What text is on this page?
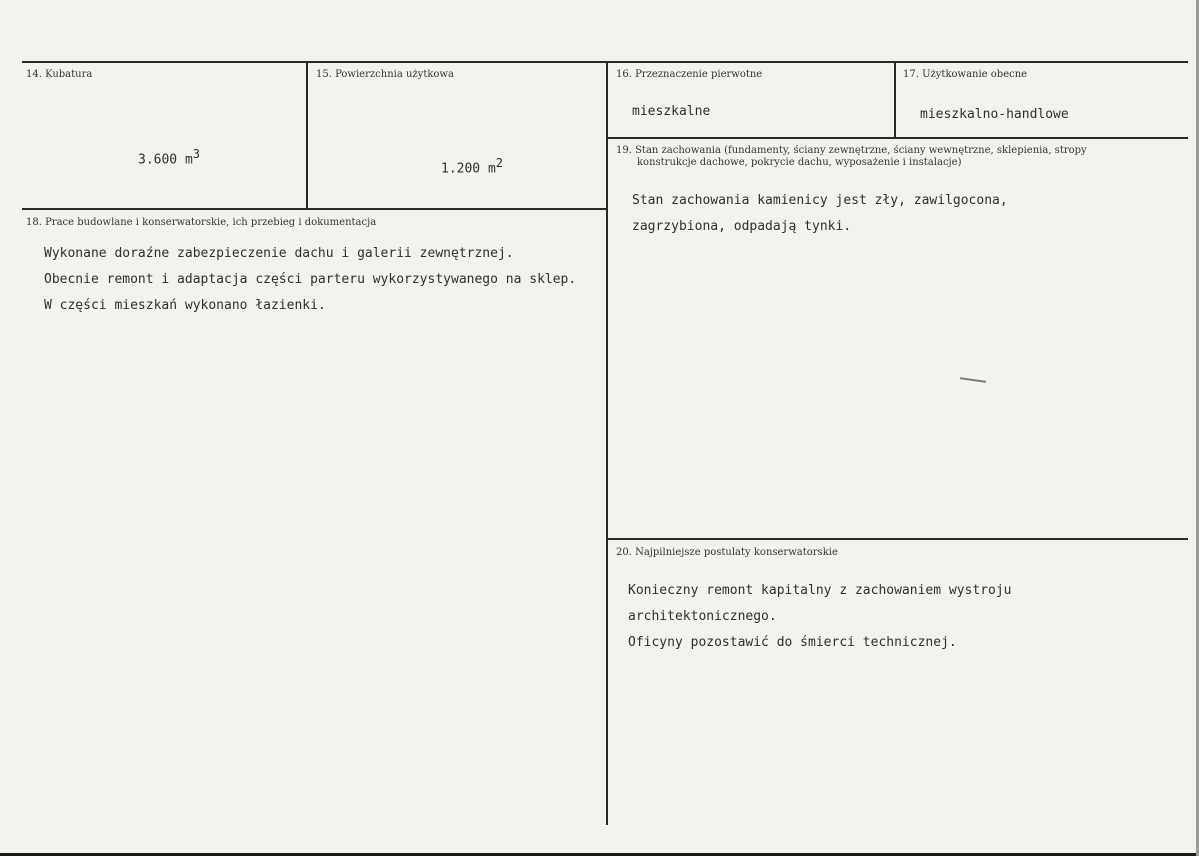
14. Kubatura
3.600 $m^3$
15. Powierzchnia użytkowa
1.200 $m^2$
16. Przeznaczenie pierwotne
mieszkalne
17. Użytkowanie obecne
mieszkalno-handlowe
19. Stan zachowania (fundamenty, ściany zewnętrzne, ściany wewnętrzne, sklepienia, stropy
konstrukcje dachowe, pokrycie dachu, wyposażenie i instalacje)
Stan zachowania kamienicy jest zły, zawilgocona,
zagrzybiona, odpadają tynki.
18. Prace budowlane i konserwatorskie, ich przebieg i dokumentacja
Wykonane doraźne zabezpieczenie dachu i galerii zewnętrznej.
Obecnie remont i adaptacja części parteru wykorzystywanego na sklep.
W części mieszkań wykonano łazienki.
20. Najpilniejsze postulaty konserwatorskie
Konieczny remont kapitalny z zachowaniem wystroju
architektonicznego.
Oficyny pozostawić do śmierci technicznej.
